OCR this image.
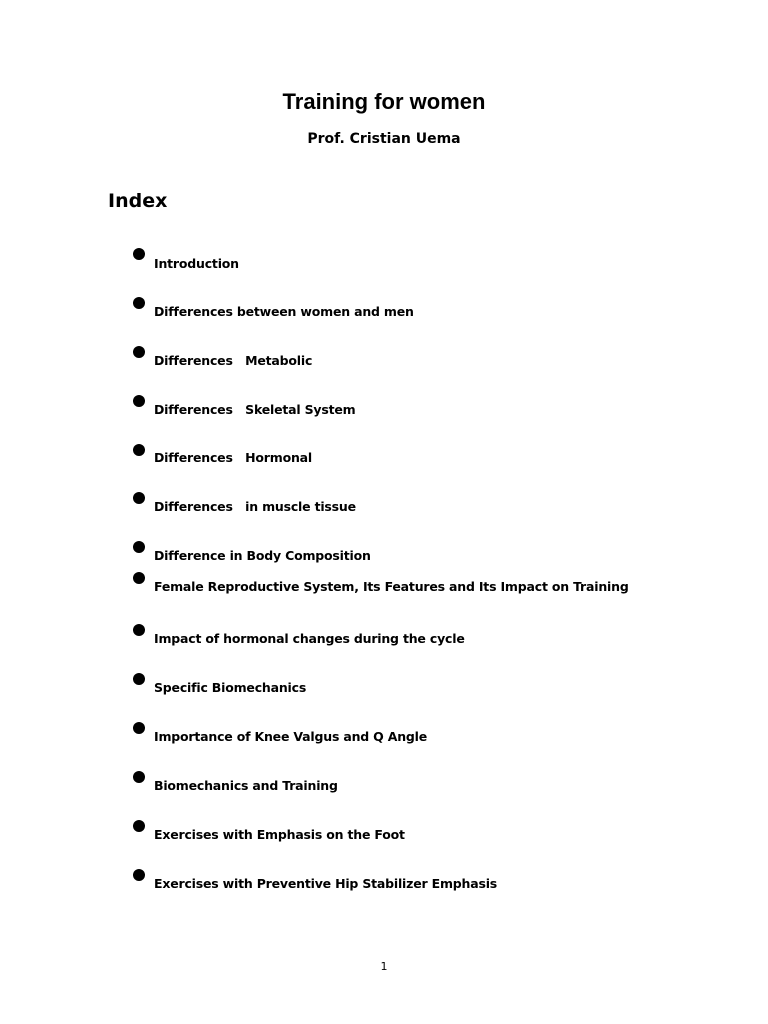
Training for women
Prof. Cristian Uema
Index
Introduction
Differences between women and men
Differences   Metabolic
Differences   Skeletal System
Differences   Hormonal
Differences   in muscle tissue
Difference in Body Composition
Female Reproductive System, Its Features and Its Impact on Training
Impact of hormonal changes during the cycle
Specific Biomechanics
Importance of Knee Valgus and Q Angle
Biomechanics and Training
Exercises with Emphasis on the Foot
Exercises with Preventive Hip Stabilizer Emphasis
1
